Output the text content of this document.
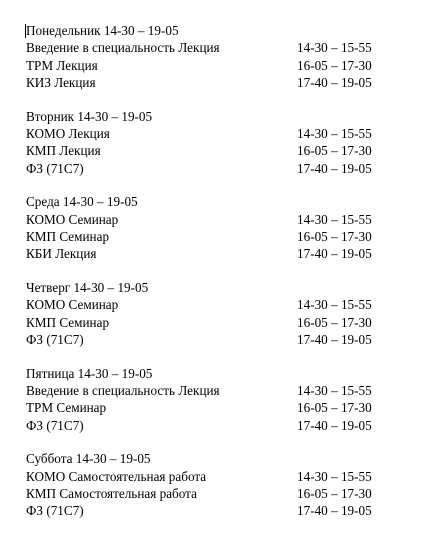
Понедельник 14-30 – 19-05
Введение в специальность Лекция	14-30 – 15-55
ТРМ Лекция	16-05 – 17-30
КИЗ Лекция	17-40 – 19-05
Вторник 14-30 – 19-05
КОМО Лекция	14-30 – 15-55
КМП Лекция	16-05 – 17-30
ФЗ (71С7)	17-40 – 19-05
Среда 14-30 – 19-05
КОМО Семинар	14-30 – 15-55
КМП Семинар	16-05 – 17-30
КБИ Лекция	17-40 – 19-05
Четверг 14-30 – 19-05
КОМО Семинар	14-30 – 15-55
КМП Семинар	16-05 – 17-30
ФЗ (71С7)	17-40 – 19-05
Пятница 14-30 – 19-05
Введение в специальность Лекция	14-30 – 15-55
ТРМ Семинар	16-05 – 17-30
ФЗ (71С7)	17-40 – 19-05
Суббота 14-30 – 19-05
КОМО Самостоятельная работа	14-30 – 15-55
КМП Самостоятельная работа	16-05 – 17-30
ФЗ (71С7)	17-40 – 19-05
